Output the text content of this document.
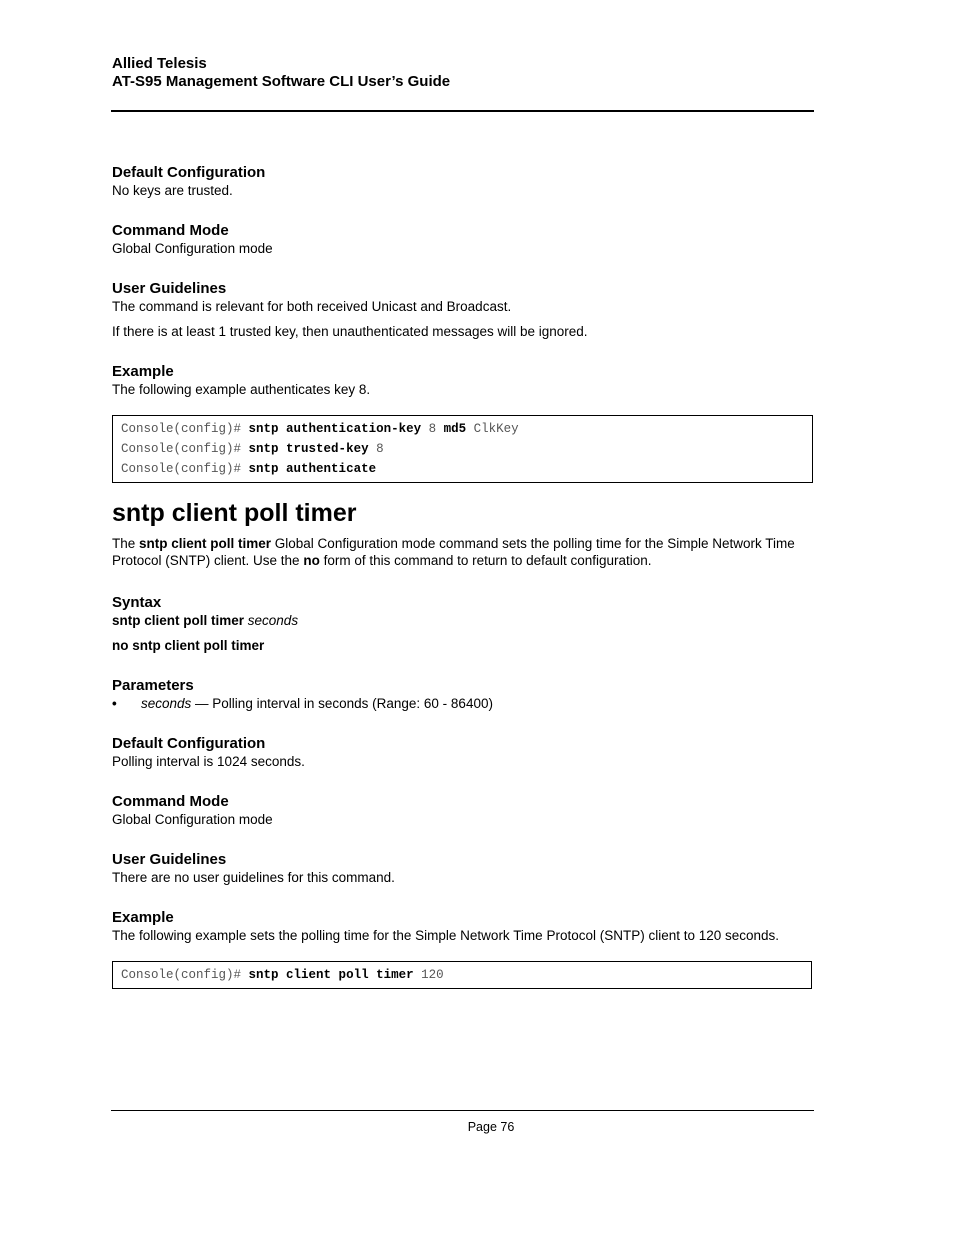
Allied Telesis
AT-S95 Management Software CLI User’s Guide
Default Configuration

No keys are trusted.

Command Mode

Global Configuration mode

User Guidelines

The command is relevant for both received Unicast and Broadcast.

If there is at least 1 trusted key, then unauthenticated messages will be ignored.

Example

The following example authenticates key 8.

Console(config)# sntp authentication-key 8 md5 ClkKey
Console(config)# sntp trusted-key 8
Console(config)# sntp authenticate
sntp client poll timer

The sntp client poll timer Global Configuration mode command sets the polling time for the Simple Network Time Protocol (SNTP) client. Use the no form of this command to return to default configuration.

Syntax

sntp client poll timer seconds

no sntp client poll timer

Parameters
•	seconds — Polling interval in seconds (Range: 60 - 86400)
Default Configuration

Polling interval is 1024 seconds.

Command Mode

Global Configuration mode

User Guidelines

There are no user guidelines for this command.

Example

The following example sets the polling time for the Simple Network Time Protocol (SNTP) client to 120 seconds.

Console(config)# sntp client poll timer 120
Page 76
